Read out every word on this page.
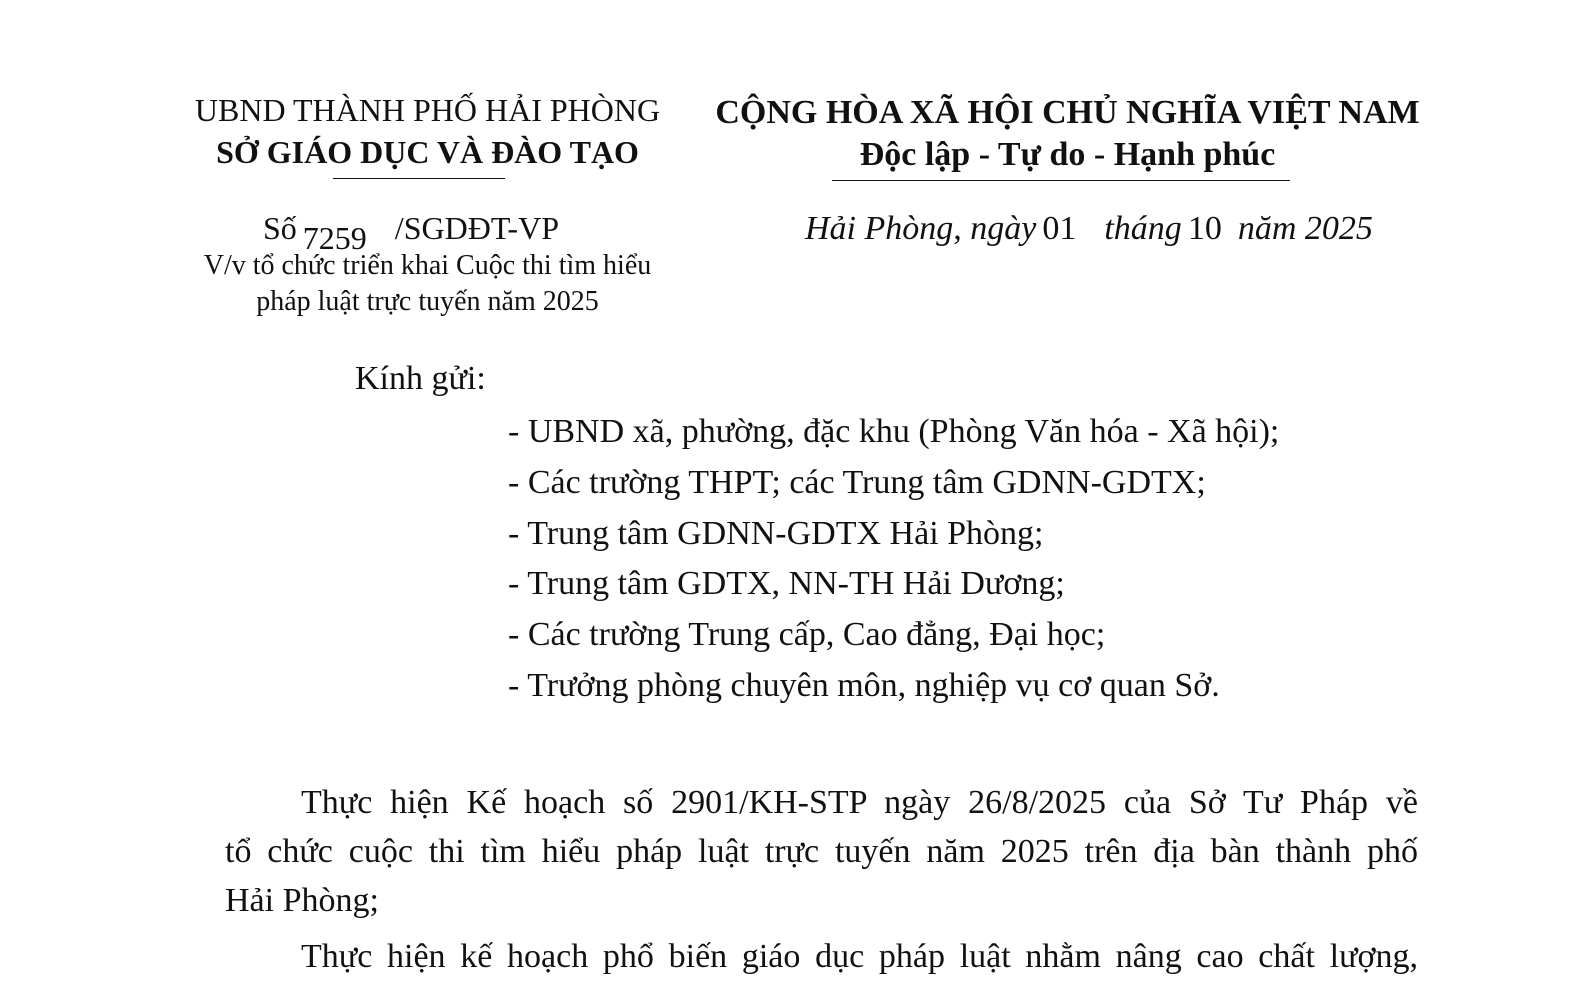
UBND THÀNH PHỐ HẢI PHÒNG
SỞ GIÁO DỤC VÀ ĐÀO TẠO
CỘNG HÒA XÃ HỘI CHỦ NGHĨA VIỆT NAM
Độc lập - Tự do - Hạnh phúc
Số 7259 /SGDĐT-VP
V/v tổ chức triển khai Cuộc thi tìm hiểu
pháp luật trực tuyến năm 2025
Hải Phòng, ngày 01 tháng 10 năm 2025
Kính gửi:
- UBND xã, phường, đặc khu (Phòng Văn hóa - Xã hội);
- Các trường THPT; các Trung tâm GDNN-GDTX;
- Trung tâm GDNN-GDTX Hải Phòng;
- Trung tâm GDTX, NN-TH Hải Dương;
- Các trường Trung cấp, Cao đẳng, Đại học;
- Trưởng phòng chuyên môn, nghiệp vụ cơ quan Sở.
Thực hiện Kế hoạch số 2901/KH-STP ngày 26/8/2025 của Sở Tư Pháp về
tổ chức cuộc thi tìm hiểu pháp luật trực tuyến năm 2025 trên địa bàn thành phố
Hải Phòng;
Thực hiện kế hoạch phổ biến giáo dục pháp luật nhằm nâng cao chất lượng,
